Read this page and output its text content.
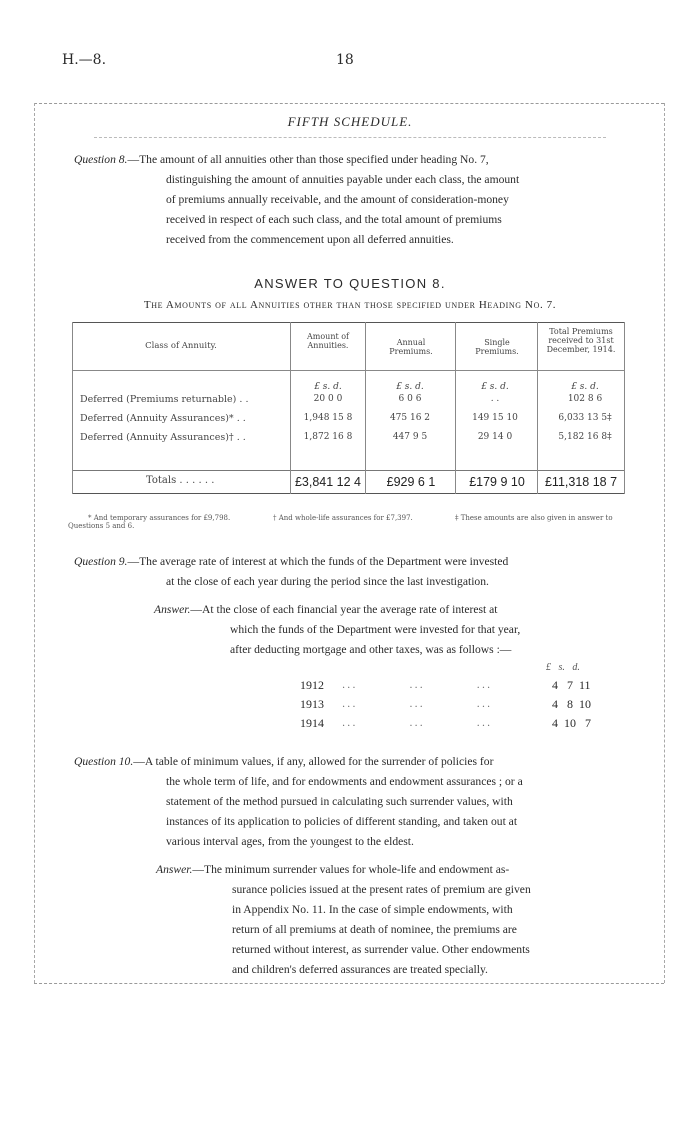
H.—8.	18
FIFTH SCHEDULE.
Question 8.—The amount of all annuities other than those specified under heading No. 7,
distinguishing the amount of annuities payable under each class, the amount
of premiums annually receivable, and the amount of consideration-money
received in respect of each such class, and the total amount of premiums
received from the commencement upon all deferred annuities.
ANSWER TO QUESTION 8.
The Amounts of all Annuities other than those specified under Heading No. 7.
Class of Annuity.
Amount of Annuities.	Annual Premiums.
Single Premiums.
Total Premiums received to 31st December, 1914.
£ s. d.	£ s. d.	£ s. d.	£ s. d.
Deferred (Premiums returnable) . .	20 0 0	6 0 6	. .	102 8 6
Deferred (Annuity Assurances)* . .	1,948 15 8	475 16 2	149 15 10	6,033 13 5‡
Deferred (Annuity Assurances)† . .	1,872 16 8	447 9 5	29 14 0	5,182 16 8‡
Totals . . . . . .	£3,841 12 4	£929 6 1	£179 9 10	£11,318 18 7
* And temporary assurances for £9,798.
Questions 5 and 6.
† And whole-life assurances for £7,397.	‡ These amounts are also given in answer to
Question 9.—The average rate of interest at which the funds of the Department were invested
at the close of each year during the period since the last investigation.
Answer.—At the close of each financial year the average rate of interest at
which the funds of the Department were invested for that year,
after deducting mortgage and other taxes, was as follows :—
£   s.   d.
1912 ...          ...          ...	4   7  11
1913 ...          ...          ...	4   8  10
1914 ...          ...          ...	4  10   7
Question 10.—A table of minimum values, if any, allowed for the surrender of policies for
the whole term of life, and for endowments and endowment assurances ; or a
statement of the method pursued in calculating such surrender values, with
instances of its application to policies of different standing, and taken out at
various interval ages, from the youngest to the eldest.
Answer.—The minimum surrender values for whole-life and endowment as-
surance policies issued at the present rates of premium are given
in Appendix No. 11. In the case of simple endowments, with
return of all premiums at death of nominee, the premiums are
returned without interest, as surrender value. Other endowments
and children's deferred assurances are treated specially.
